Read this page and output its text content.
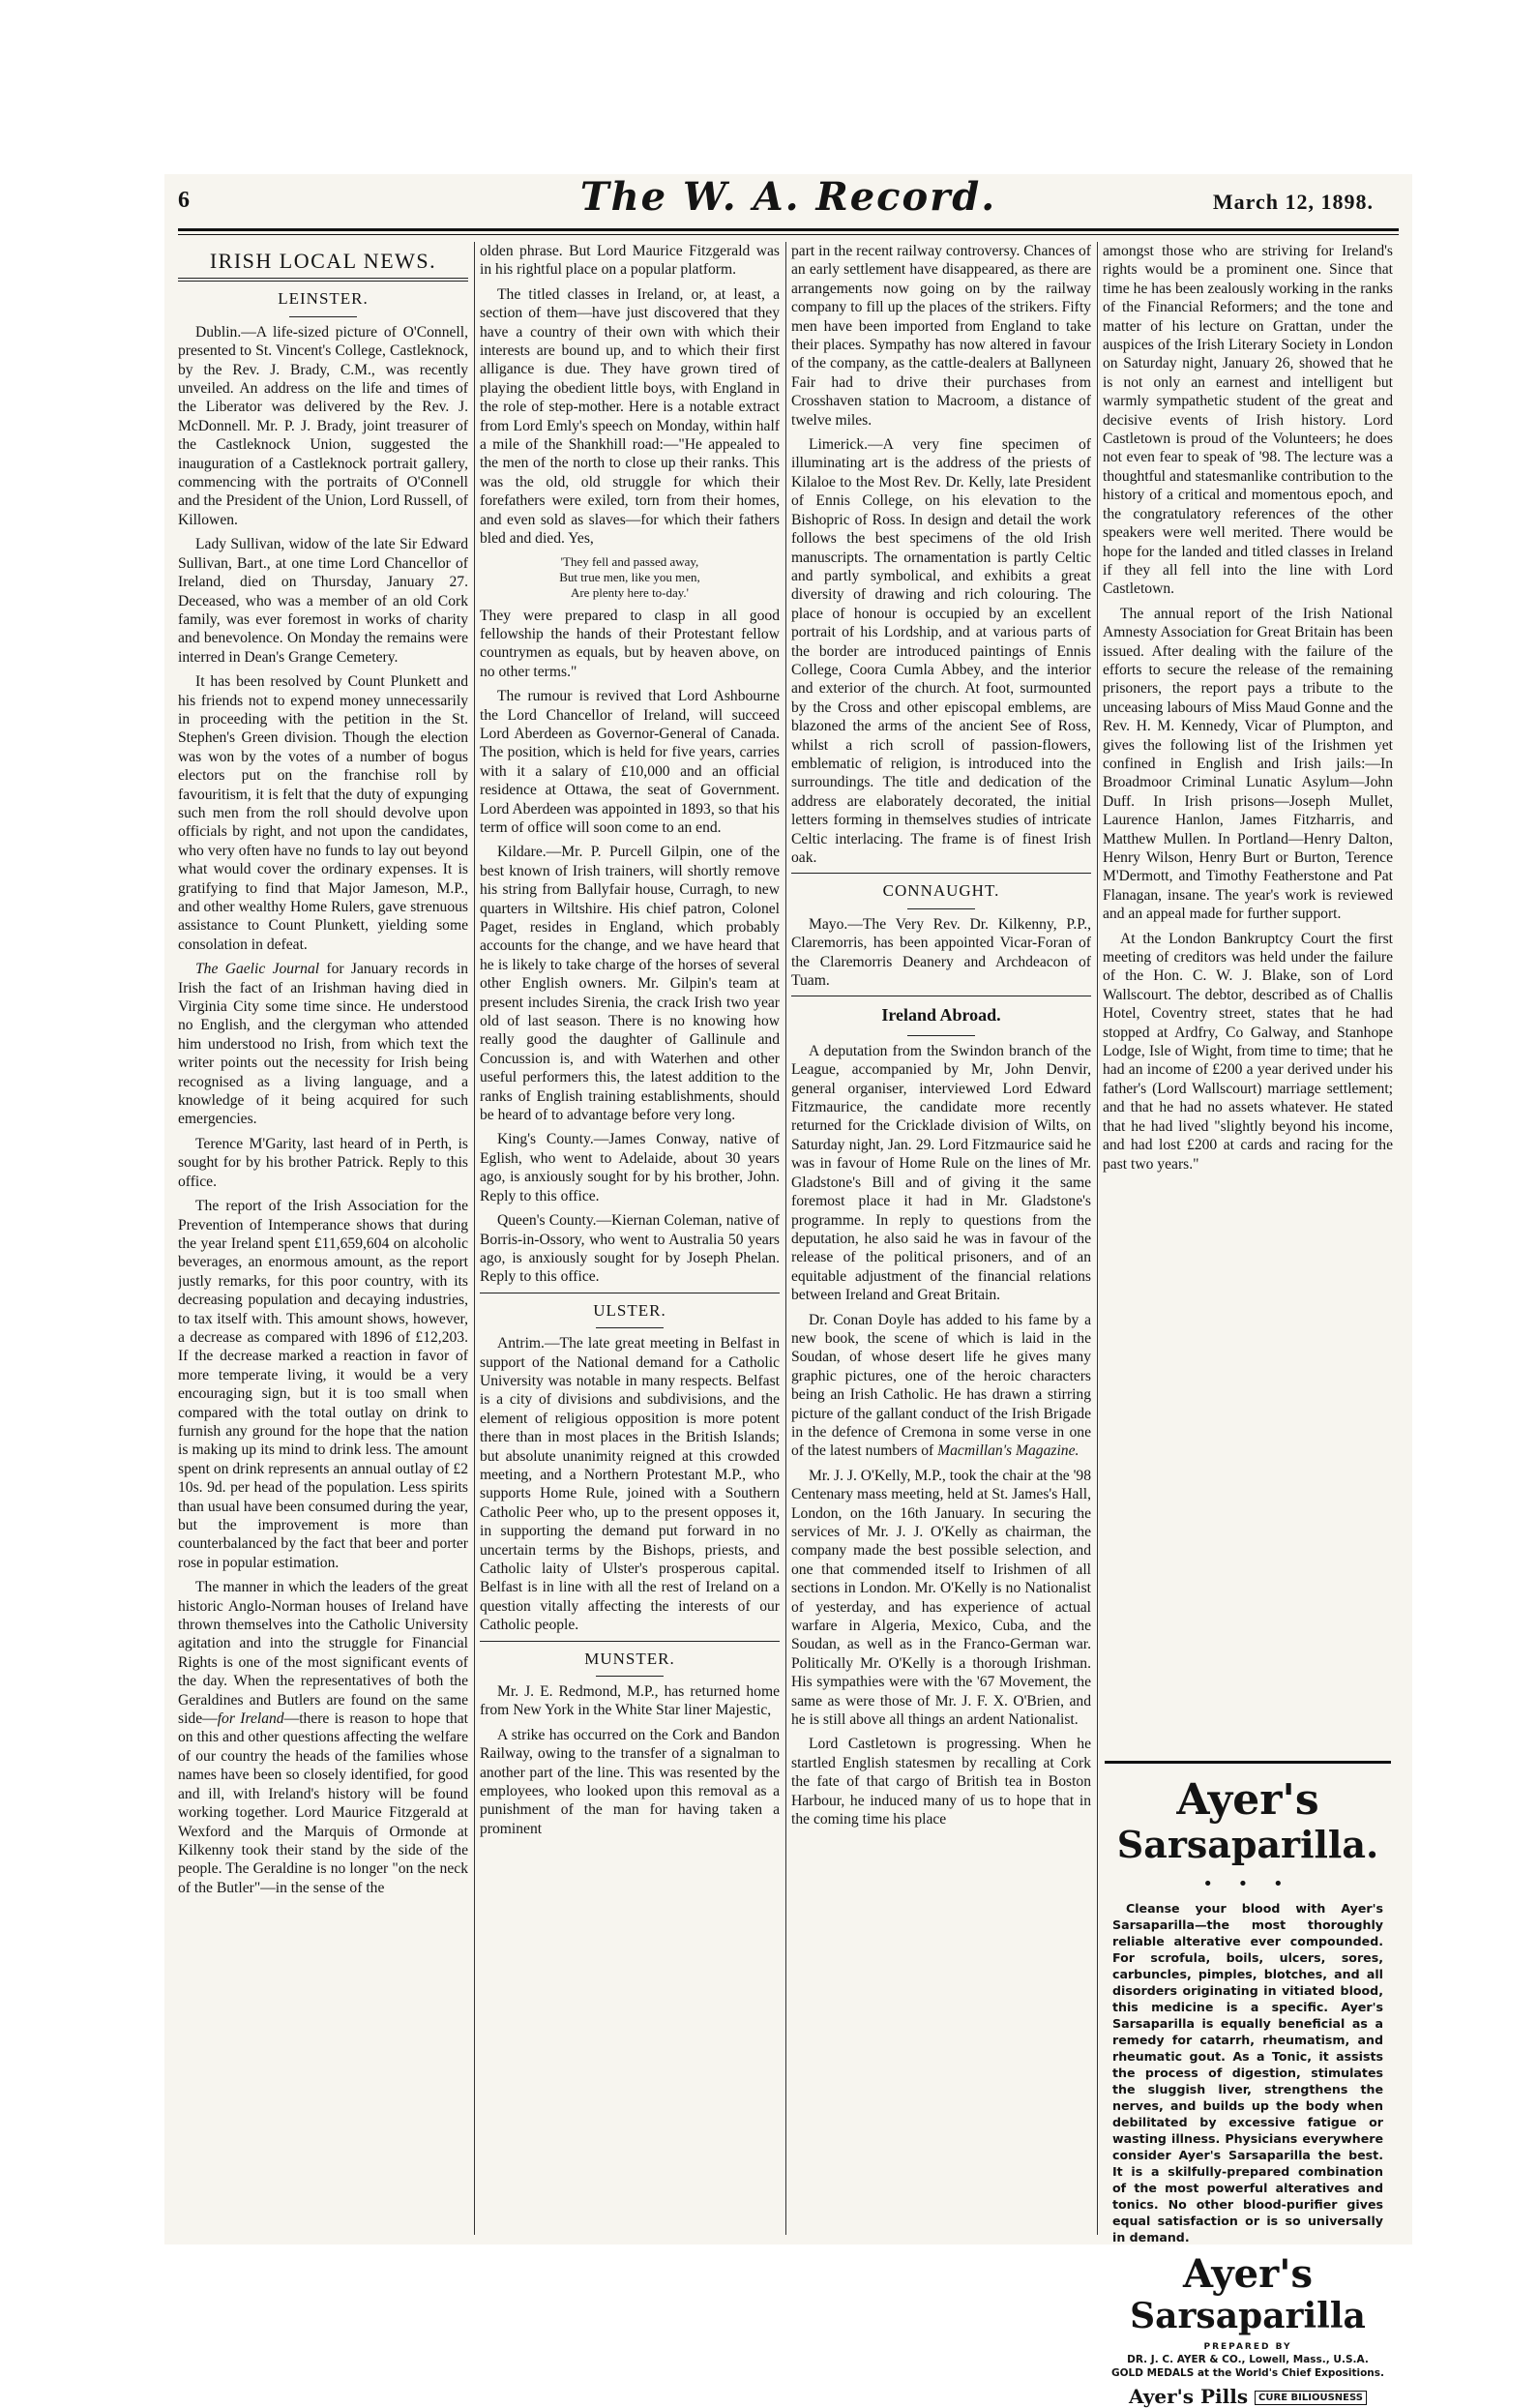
6	The W. A. Record.	March 12, 1898.
IRISH LOCAL NEWS.
LEINSTER.

Dublin.—A life-sized picture of O'Connell, presented to St. Vincent's College, Castleknock, by the Rev. J. Brady, C.M., was recently unveiled. An address on the life and times of the Liberator was delivered by the Rev. J. McDonnell. Mr. P. J. Brady, joint treasurer of the Castleknock Union, suggested the inauguration of a Castleknock portrait gallery, commencing with the portraits of O'Connell and the President of the Union, Lord Russell, of Killowen.

Lady Sullivan, widow of the late Sir Edward Sullivan, Bart., at one time Lord Chancellor of Ireland, died on Thursday, January 27. Deceased, who was a member of an old Cork family, was ever foremost in works of charity and benevolence. On Monday the remains were interred in Dean's Grange Cemetery.

It has been resolved by Count Plunkett and his friends not to expend money unnecessarily in proceeding with the petition in the St. Stephen's Green division. Though the election was won by the votes of a number of bogus electors put on the franchise roll by favouritism, it is felt that the duty of expunging such men from the roll should devolve upon officials by right, and not upon the candidates, who very often have no funds to lay out beyond what would cover the ordinary expenses. It is gratifying to find that Major Jameson, M.P., and other wealthy Home Rulers, gave strenuous assistance to Count Plunkett, yielding some consolation in defeat.

The Gaelic Journal for January records in Irish the fact of an Irishman having died in Virginia City some time since. He understood no English, and the clergyman who attended him understood no Irish, from which text the writer points out the necessity for Irish being recognised as a living language, and a knowledge of it being acquired for such emergencies.

Terence M'Garity, last heard of in Perth, is sought for by his brother Patrick. Reply to this office.

The report of the Irish Association for the Prevention of Intemperance shows that during the year Ireland spent £11,659,604 on alcoholic beverages, an enormous amount, as the report justly remarks, for this poor country, with its decreasing population and decaying industries, to tax itself with. This amount shows, however, a decrease as compared with 1896 of £12,203. If the decrease marked a reaction in favor of more temperate living, it would be a very encouraging sign, but it is too small when compared with the total outlay on drink to furnish any ground for the hope that the nation is making up its mind to drink less. The amount spent on drink represents an annual outlay of £2 10s. 9d. per head of the population. Less spirits than usual have been consumed during the year, but the improvement is more than counterbalanced by the fact that beer and porter rose in popular estimation.

The manner in which the leaders of the great historic Anglo-Norman houses of Ireland have thrown themselves into the Catholic University agitation and into the struggle for Financial Rights is one of the most significant events of the day. When the representatives of both the Geraldines and Butlers are found on the same side—for Ireland—there is reason to hope that on this and other questions affecting the welfare of our country the heads of the families whose names have been so closely identified, for good and ill, with Ireland's history will be found working together. Lord Maurice Fitzgerald at Wexford and the Marquis of Ormonde at Kilkenny took their stand by the side of the people. The Geraldine is no longer "on the neck of the Butler"—in the sense of the

olden phrase. But Lord Maurice Fitzgerald was in his rightful place on a popular platform.

The titled classes in Ireland, or, at least, a section of them—have just discovered that they have a country of their own with which their interests are bound up, and to which their first alligance is due. They have grown tired of playing the obedient little boys, with England in the role of step-mother. Here is a notable extract from Lord Emly's speech on Monday, within half a mile of the Shankhill road:—"He appealed to the men of the north to close up their ranks. This was the old, old struggle for which their forefathers were exiled, torn from their homes, and even sold as slaves—for which their fathers bled and died. Yes,

'They fell and passed away,
But true men, like you men,
Are plenty here to-day.'

They were prepared to clasp in all good fellowship the hands of their Protestant fellow countrymen as equals, but by heaven above, on no other terms."

The rumour is revived that Lord Ashbourne the Lord Chancellor of Ireland, will succeed Lord Aberdeen as Governor-General of Canada. The position, which is held for five years, carries with it a salary of £10,000 and an official residence at Ottawa, the seat of Government. Lord Aberdeen was appointed in 1893, so that his term of office will soon come to an end.

Kildare.—Mr. P. Purcell Gilpin, one of the best known of Irish trainers, will shortly remove his string from Ballyfair house, Curragh, to new quarters in Wiltshire. His chief patron, Colonel Paget, resides in England, which probably accounts for the change, and we have heard that he is likely to take charge of the horses of several other English owners. Mr. Gilpin's team at present includes Sirenia, the crack Irish two year old of last season. There is no knowing how really good the daughter of Gallinule and Concussion is, and with Waterhen and other useful performers this, the latest addition to the ranks of English training establishments, should be heard of to advantage before very long.

King's County.—James Conway, native of Eglish, who went to Adelaide, about 30 years ago, is anxiously sought for by his brother, John. Reply to this office.

Queen's County.—Kiernan Coleman, native of Borris-in-Ossory, who went to Australia 50 years ago, is anxiously sought for by Joseph Phelan. Reply to this office.

ULSTER.

Antrim.—The late great meeting in Belfast in support of the National demand for a Catholic University was notable in many respects. Belfast is a city of divisions and subdivisions, and the element of religious opposition is more potent there than in most places in the British Islands; but absolute unanimity reigned at this crowded meeting, and a Northern Protestant M.P., who supports Home Rule, joined with a Southern Catholic Peer who, up to the present opposes it, in supporting the demand put forward in no uncertain terms by the Bishops, priests, and Catholic laity of Ulster's prosperous capital. Belfast is in line with all the rest of Ireland on a question vitally affecting the interests of our Catholic people.

MUNSTER.

Mr. J. E. Redmond, M.P., has returned home from New York in the White Star liner Majestic,

A strike has occurred on the Cork and Bandon Railway, owing to the transfer of a signalman to another part of the line. This was resented by the employees, who looked upon this removal as a punishment of the man for having taken a prominent

part in the recent railway controversy. Chances of an early settlement have disappeared, as there are arrangements now going on by the railway company to fill up the places of the strikers. Fifty men have been imported from England to take their places. Sympathy has now altered in favour of the company, as the cattle-dealers at Ballyneen Fair had to drive their purchases from Crosshaven station to Macroom, a distance of twelve miles.

Limerick.—A very fine specimen of illuminating art is the address of the priests of Kilaloe to the Most Rev. Dr. Kelly, late President of Ennis College, on his elevation to the Bishopric of Ross. In design and detail the work follows the best specimens of the old Irish manuscripts. The ornamentation is partly Celtic and partly symbolical, and exhibits a great diversity of drawing and rich colouring. The place of honour is occupied by an excellent portrait of his Lordship, and at various parts of the border are introduced paintings of Ennis College, Coora Cumla Abbey, and the interior and exterior of the church. At foot, surmounted by the Cross and other episcopal emblems, are blazoned the arms of the ancient See of Ross, whilst a rich scroll of passion-flowers, emblematic of religion, is introduced into the surroundings. The title and dedication of the address are elaborately decorated, the initial letters forming in themselves studies of intricate Celtic interlacing. The frame is of finest Irish oak.

CONNAUGHT.

Mayo.—The Very Rev. Dr. Kilkenny, P.P., Claremorris, has been appointed Vicar-Foran of the Claremorris Deanery and Archdeacon of Tuam.

Ireland Abroad.

A deputation from the Swindon branch of the League, accompanied by Mr, John Denvir, general organiser, interviewed Lord Edward Fitzmaurice, the candidate more recently returned for the Cricklade division of Wilts, on Saturday night, Jan. 29. Lord Fitzmaurice said he was in favour of Home Rule on the lines of Mr. Gladstone's Bill and of giving it the same foremost place it had in Mr. Gladstone's programme. In reply to questions from the deputation, he also said he was in favour of the release of the political prisoners, and of an equitable adjustment of the financial relations between Ireland and Great Britain.

Dr. Conan Doyle has added to his fame by a new book, the scene of which is laid in the Soudan, of whose desert life he gives many graphic pictures, one of the heroic characters being an Irish Catholic. He has drawn a stirring picture of the gallant conduct of the Irish Brigade in the defence of Cremona in some verse in one of the latest numbers of Macmillan's Magazine.

Mr. J. J. O'Kelly, M.P., took the chair at the '98 Centenary mass meeting, held at St. James's Hall, London, on the 16th January. In securing the services of Mr. J. J. O'Kelly as chairman, the company made the best possible selection, and one that commended itself to Irishmen of all sections in London. Mr. O'Kelly is no Nationalist of yesterday, and has experience of actual warfare in Algeria, Mexico, Cuba, and the Soudan, as well as in the Franco-German war. Politically Mr. O'Kelly is a thorough Irishman. His sympathies were with the '67 Movement, the same as were those of Mr. J. F. X. O'Brien, and he is still above all things an ardent Nationalist.

Lord Castletown is progressing. When he startled English statesmen by recalling at Cork the fate of that cargo of British tea in Boston Harbour, he induced many of us to hope that in the coming time his place

amongst those who are striving for Ireland's rights would be a prominent one. Since that time he has been zealously working in the ranks of the Financial Reformers; and the tone and matter of his lecture on Grattan, under the auspices of the Irish Literary Society in London on Saturday night, January 26, showed that he is not only an earnest and intelligent but warmly sympathetic student of the great and decisive events of Irish history. Lord Castletown is proud of the Volunteers; he does not even fear to speak of '98. The lecture was a thoughtful and statesmanlike contribution to the history of a critical and momentous epoch, and the congratulatory references of the other speakers were well merited. There would be hope for the landed and titled classes in Ireland if they all fell into the line with Lord Castletown.

The annual report of the Irish National Amnesty Association for Great Britain has been issued. After dealing with the failure of the efforts to secure the release of the remaining prisoners, the report pays a tribute to the unceasing labours of Miss Maud Gonne and the Rev. H. M. Kennedy, Vicar of Plumpton, and gives the following list of the Irishmen yet confined in English and Irish jails:—In Broadmoor Criminal Lunatic Asylum—John Duff. In Irish prisons—Joseph Mullet, Laurence Hanlon, James Fitzharris, and Matthew Mullen. In Portland—Henry Dalton, Henry Wilson, Henry Burt or Burton, Terence M'Dermott, and Timothy Featherstone and Pat Flanagan, insane. The year's work is reviewed and an appeal made for further support.

At the London Bankruptcy Court the first meeting of creditors was held under the failure of the Hon. C. W. J. Blake, son of Lord Wallscourt. The debtor, described as of Challis Hotel, Coventry street, states that he had stopped at Ardfry, Co Galway, and Stanhope Lodge, Isle of Wight, from time to time; that he had an income of £200 a year derived under his father's (Lord Wallscourt) marriage settlement; and that he had no assets whatever. He stated that he had lived "slightly beyond his income, and had lost £200 at cards and racing for the past two years."

Ayer's
Sarsaparilla.
• • •

Cleanse your blood with Ayer's Sarsaparilla—the most thoroughly reliable alterative ever compounded. For scrofula, boils, ulcers, sores, carbuncles, pimples, blotches, and all disorders originating in vitiated blood, this medicine is a specific. Ayer's Sarsaparilla is equally beneficial as a remedy for catarrh, rheumatism, and rheumatic gout. As a Tonic, it assists the process of digestion, stimulates the sluggish liver, strengthens the nerves, and builds up the body when debilitated by excessive fatigue or wasting illness. Physicians everywhere consider Ayer's Sarsaparilla the best. It is a skilfully-prepared combination of the most powerful alteratives and tonics. No other blood-purifier gives equal satisfaction or is so universally in demand.

Ayer's
Sarsaparilla
PREPARED BY
DR. J. C. AYER & CO., Lowell, Mass., U.S.A.
GOLD MEDALS at the World's Chief Expositions.
Ayer's Pills CURE BILIOUSNESS
